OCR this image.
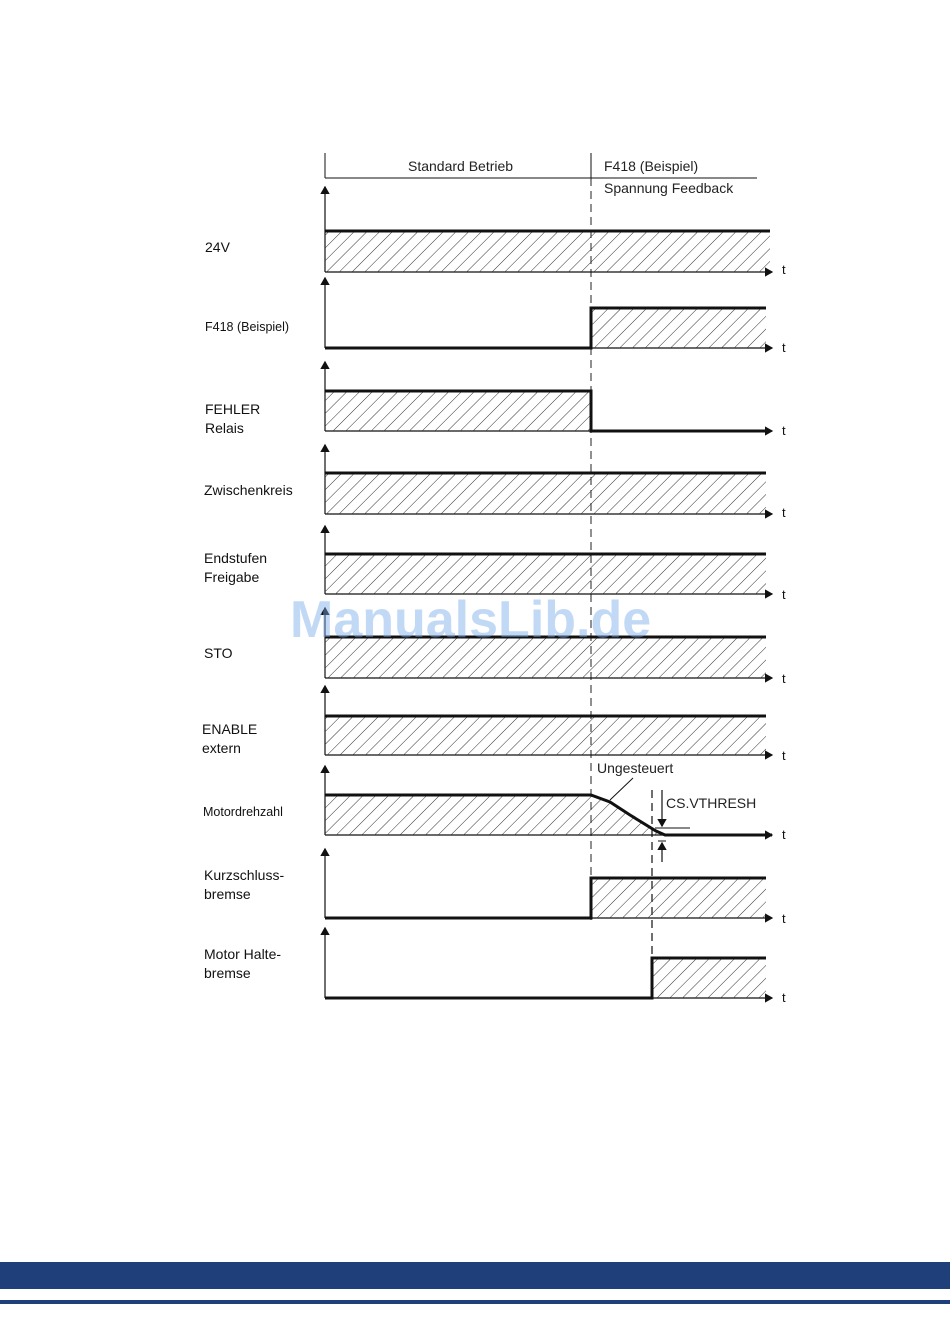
Standard Betrieb	F418 (Beispiel)
Spannung Feedback
24V
F418 (Beispiel)
FEHLER
Relais
Zwischenkreis
Endstufen
Freigabe
STO
ENABLE
extern
Motordrehzahl
Kurzschluss-
bremse
Motor Halte-
bremse
t
t
t
t
t
t
t
t
t
t
Ungesteuert
CS.VTHRESH
ManualsLib.de
